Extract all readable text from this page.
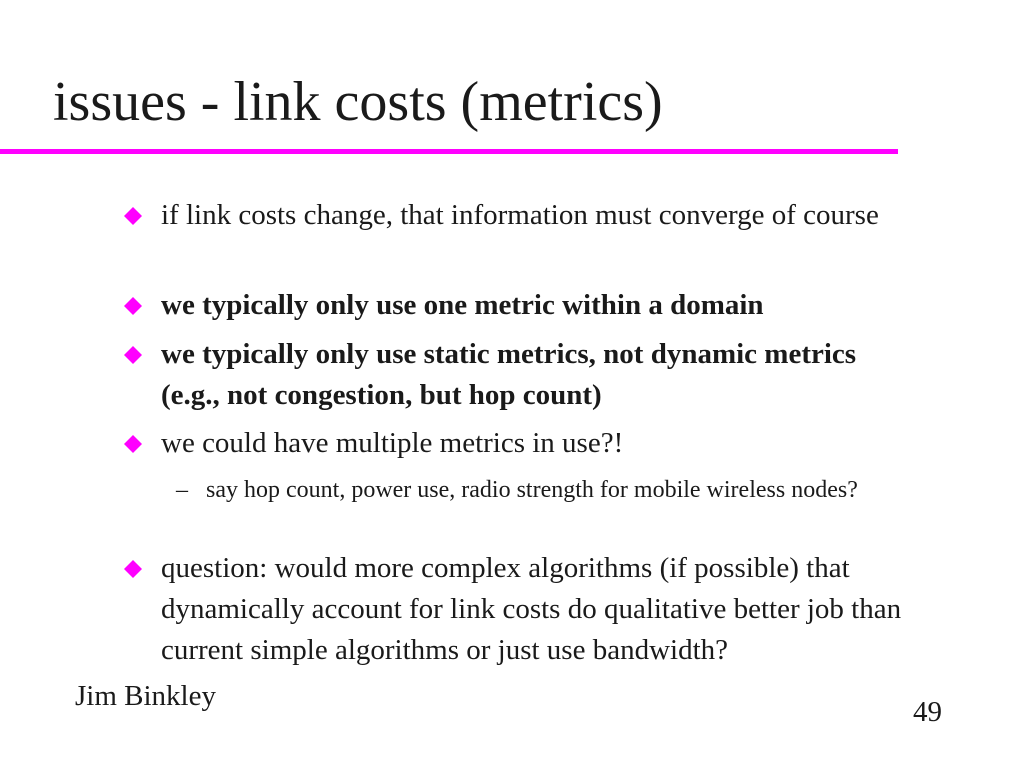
issues - link costs (metrics)
if link costs change, that information must converge of course
we typically only use one metric within a domain
we typically only use static metrics, not dynamic metrics (e.g., not congestion, but hop count)
we could have multiple metrics in use?!
– say hop count, power use, radio strength for mobile wireless nodes?
question: would more complex algorithms (if possible) that dynamically account for link costs do qualitative better job than current simple algorithms or just use bandwidth?
Jim Binkley	49
